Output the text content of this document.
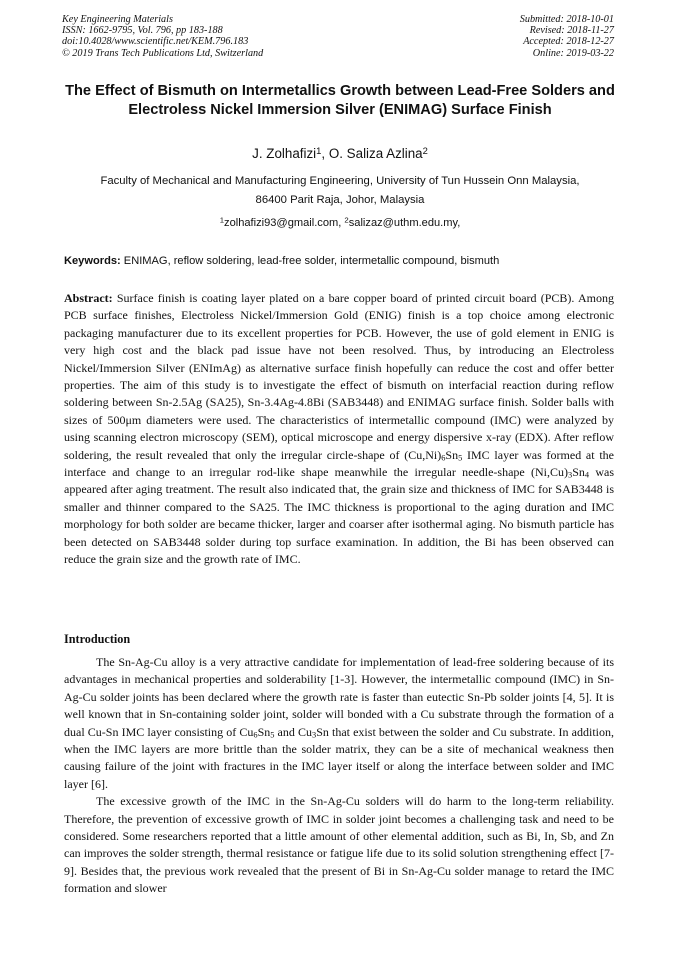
Key Engineering Materials
ISSN: 1662-9795, Vol. 796, pp 183-188
doi:10.4028/www.scientific.net/KEM.796.183
© 2019 Trans Tech Publications Ltd, Switzerland
Submitted: 2018-10-01
Revised: 2018-11-27
Accepted: 2018-12-27
Online: 2019-03-22
The Effect of Bismuth on Intermetallics Growth between Lead-Free Solders and Electroless Nickel Immersion Silver (ENIMAG) Surface Finish
J. Zolhafizi$^1$, O. Saliza Azlina$^2$
Faculty of Mechanical and Manufacturing Engineering, University of Tun Hussein Onn Malaysia,
86400 Parit Raja, Johor, Malaysia
$^1$zolhafizi93@gmail.com, $^2$salizaz@uthm.edu.my,
Keywords: ENIMAG, reflow soldering, lead-free solder, intermetallic compound, bismuth
Abstract: Surface finish is coating layer plated on a bare copper board of printed circuit board (PCB). Among PCB surface finishes, Electroless Nickel/Immersion Gold (ENIG) finish is a top choice among electronic packaging manufacturer due to its excellent properties for PCB. However, the use of gold element in ENIG is very high cost and the black pad issue have not been resolved. Thus, by introducing an Electroless Nickel/Immersion Silver (ENImAg) as alternative surface finish hopefully can reduce the cost and offer better properties. The aim of this study is to investigate the effect of bismuth on interfacial reaction during reflow soldering between Sn-2.5Ag (SA25), Sn-3.4Ag-4.8Bi (SAB3448) and ENIMAG surface finish. Solder balls with sizes of 500μm diameters were used. The characteristics of intermetallic compound (IMC) were analyzed by using scanning electron microscopy (SEM), optical microscope and energy dispersive x-ray (EDX). After reflow soldering, the result revealed that only the irregular circle-shape of $(Cu,Ni)_6Sn_5$ IMC layer was formed at the interface and change to an irregular rod-like shape meanwhile the irregular needle-shape $(Ni,Cu)_3Sn_4$ was appeared after aging treatment. The result also indicated that, the grain size and thickness of IMC for SAB3448 is smaller and thinner compared to the SA25. The IMC thickness is proportional to the aging duration and IMC morphology for both solder are became thicker, larger and coarser after isothermal aging. No bismuth particle has been detected on SAB3448 solder during top surface examination. In addition, the Bi has been observed can reduce the grain size and the growth rate of IMC.
Introduction

The Sn-Ag-Cu alloy is a very attractive candidate for implementation of lead-free soldering because of its advantages in mechanical properties and solderability [1-3]. However, the intermetallic compound (IMC) in Sn-Ag-Cu solder joints has been declared where the growth rate is faster than eutectic Sn-Pb solder joints [4, 5]. It is well known that in Sn-containing solder joint, solder will bonded with a Cu substrate through the formation of a dual Cu-Sn IMC layer consisting of $Cu_6Sn_5$ and $Cu_3Sn$ that exist between the solder and Cu substrate. In addition, when the IMC layers are more brittle than the solder matrix, they can be a site of mechanical weakness then causing failure of the joint with fractures in the IMC layer itself or along the interface between solder and IMC layer [6].

The excessive growth of the IMC in the Sn-Ag-Cu solders will do harm to the long-term reliability. Therefore, the prevention of excessive growth of IMC in solder joint becomes a challenging task and need to be considered. Some researchers reported that a little amount of other elemental addition, such as Bi, In, Sb, and Zn can improves the solder strength, thermal resistance or fatigue life due to its solid solution strengthening effect [7-9]. Besides that, the previous work revealed that the present of Bi in Sn-Ag-Cu solder manage to retard the IMC formation and slower
